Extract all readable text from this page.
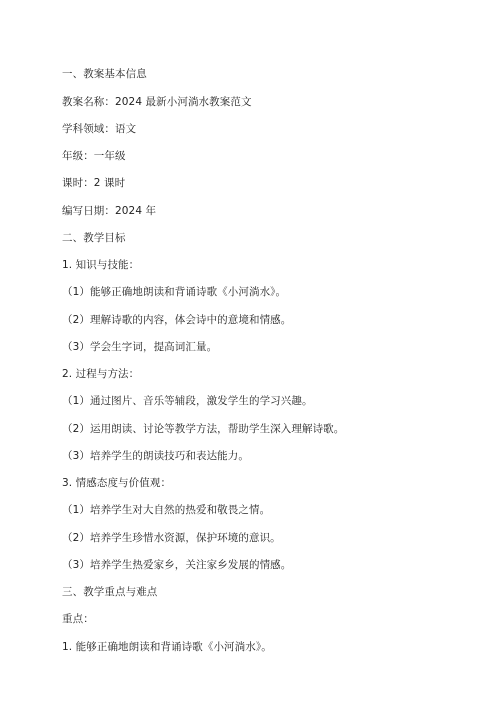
一、教案基本信息
教案名称：2024 最新小河淌水教案范文
学科领域：语文
年级：一年级
课时：2 课时
编写日期：2024 年
二、教学目标
1. 知识与技能：
（1）能够正确地朗读和背诵诗歌《小河淌水》。
（2）理解诗歌的内容，体会诗中的意境和情感。
（3）学会生字词，提高词汇量。
2. 过程与方法：
（1）通过图片、音乐等辅段，激发学生的学习兴趣。
（2）运用朗读、讨论等教学方法，帮助学生深入理解诗歌。
（3）培养学生的朗读技巧和表达能力。
3. 情感态度与价值观：
（1）培养学生对大自然的热爱和敬畏之情。
（2）培养学生珍惜水资源，保护环境的意识。
（3）培养学生热爱家乡，关注家乡发展的情感。
三、教学重点与难点
重点：
1. 能够正确地朗读和背诵诗歌《小河淌水》。
